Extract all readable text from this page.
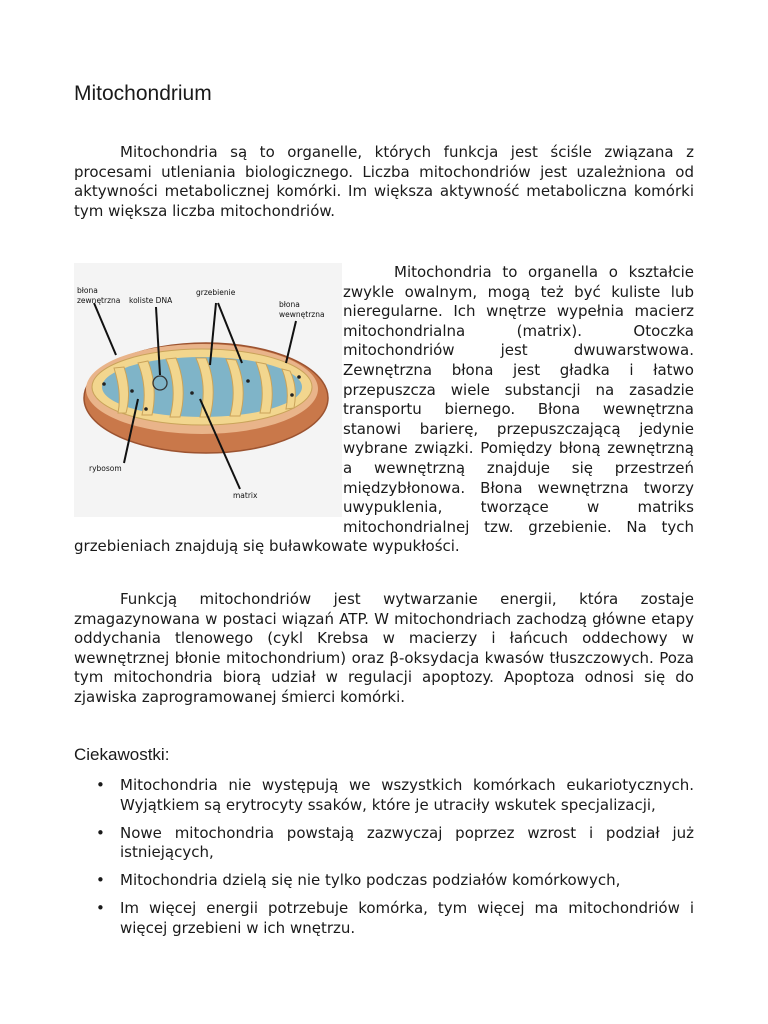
Mitochondrium

Mitochondria są to organelle, których funkcja jest ściśle związana z procesami utleniania biologicznego. Liczba mitochondriów jest uzależniona od aktywności metabolicznej komórki. Im większa aktywność metaboliczna komórki tym większa liczba mitochondriów.

błona
zewnętrzna koliste DNA
grzebienie
błona
wewnętrzna
rybosom
matrix

Mitochondria to organella o kształcie zwykle owalnym, mogą też być kuliste lub nieregularne. Ich wnętrze wypełnia macierz mitochondrialna (matrix). Otoczka mitochondriów jest dwuwarstwowa. Zewnętrzna błona jest gładka i łatwo przepuszcza wiele substancji na zasadzie transportu biernego. Błona wewnętrzna stanowi barierę, przepuszczającą jedynie wybrane związki. Pomiędzy błoną zewnętrzną a wewnętrzną znajduje się przestrzeń międzybłonowa. Błona wewnętrzna tworzy uwypuklenia, tworzące w matriks mitochondrialnej tzw. grzebienie. Na tych grzebieniach znajdują się buławkowate wypukłości.

Funkcją mitochondriów jest wytwarzanie energii, która zostaje zmagazynowana w postaci wiązań ATP. W mitochondriach zachodzą główne etapy oddychania tlenowego (cykl Krebsa w macierzy i łańcuch oddechowy w wewnętrznej błonie mitochondrium) oraz β-oksydacja kwasów tłuszczowych. Poza tym mitochondria biorą udział w regulacji apoptozy. Apoptoza odnosi się do zjawiska zaprogramowanej śmierci komórki.

Ciekawostki:
• Mitochondria nie występują we wszystkich komórkach eukariotycznych. Wyjątkiem są erytrocyty ssaków, które je utraciły wskutek specjalizacji,

• Nowe mitochondria powstają zazwyczaj poprzez wzrost i podział już istniejących,

• Mitochondria dzielą się nie tylko podczas podziałów komórkowych,

• Im więcej energii potrzebuje komórka, tym więcej ma mitochondriów i więcej grzebieni w ich wnętrzu.
